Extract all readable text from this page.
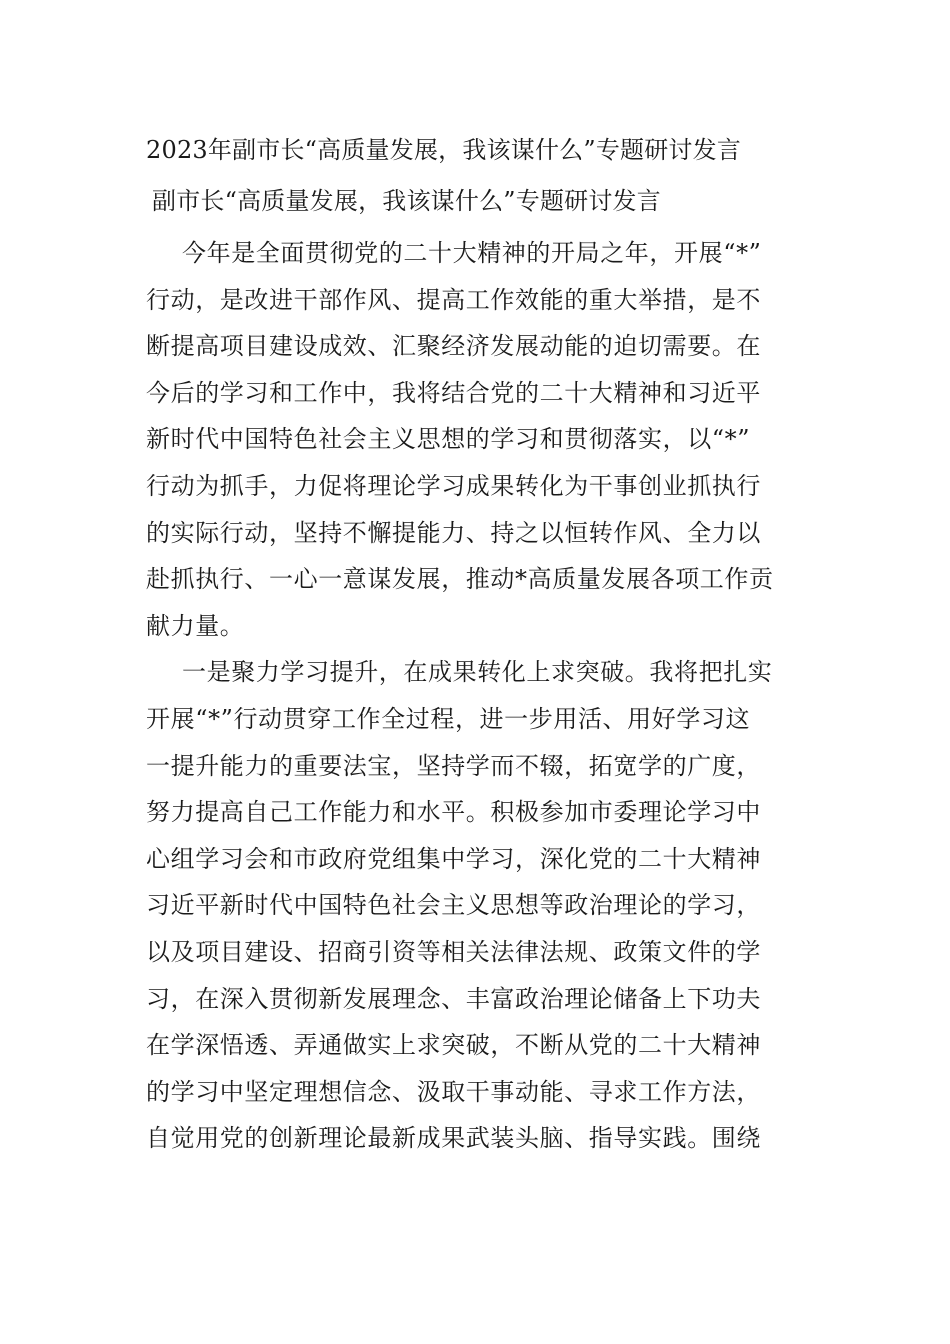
2023年副市长“高质量发展，我该谋什么”专题研讨发言
副市长“高质量发展，我该谋什么”专题研讨发言
今年是全面贯彻党的二十大精神的开局之年，开展“*”
行动，是改进干部作风、提高工作效能的重大举措，是不
断提高项目建设成效、汇聚经济发展动能的迫切需要。在
今后的学习和工作中，我将结合党的二十大精神和习近平
新时代中国特色社会主义思想的学习和贯彻落实，以“*”
行动为抓手，力促将理论学习成果转化为干事创业抓执行
的实际行动，坚持不懈提能力、持之以恒转作风、全力以
赴抓执行、一心一意谋发展，推动*高质量发展各项工作贡
献力量。
一是聚力学习提升，在成果转化上求突破。我将把扎实
开展“*”行动贯穿工作全过程，进一步用活、用好学习这
一提升能力的重要法宝，坚持学而不辍，拓宽学的广度，
努力提高自己工作能力和水平。积极参加市委理论学习中
心组学习会和市政府党组集中学习，深化党的二十大精神
习近平新时代中国特色社会主义思想等政治理论的学习，
以及项目建设、招商引资等相关法律法规、政策文件的学
习，在深入贯彻新发展理念、丰富政治理论储备上下功夫
在学深悟透、弄通做实上求突破，不断从党的二十大精神
的学习中坚定理想信念、汲取干事动能、寻求工作方法，
自觉用党的创新理论最新成果武装头脑、指导实践。围绕
